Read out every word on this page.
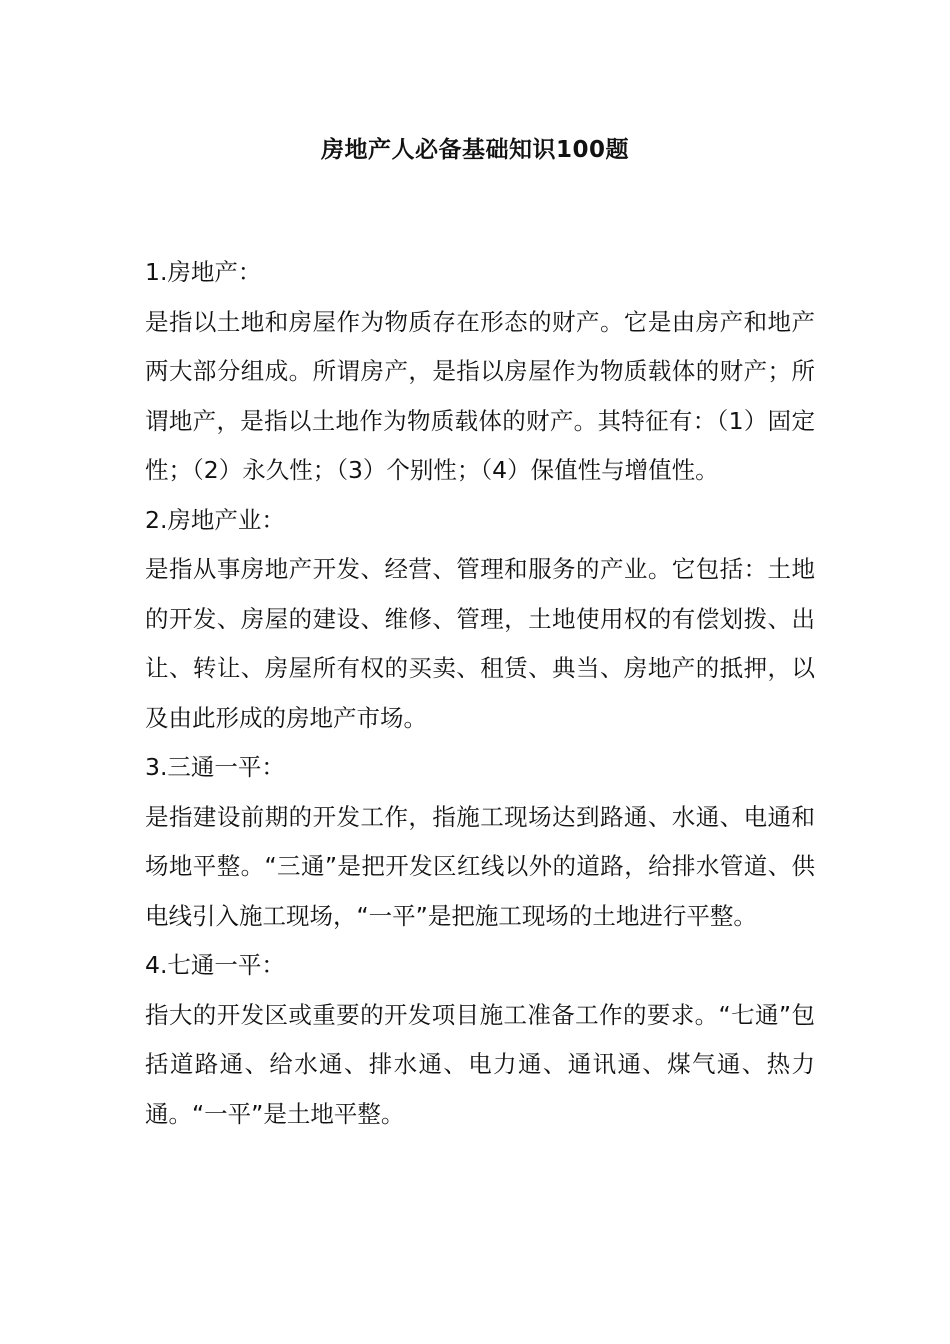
房地产人必备基础知识100题
1.房地产：

是指以土地和房屋作为物质存在形态的财产。它是由房产和地产两大部分组成。所谓房产，是指以房屋作为物质载体的财产；所谓地产，是指以土地作为物质载体的财产。其特征有：（1）固定性；（2）永久性；（3）个别性；（4）保值性与增值性。

2.房地产业：

是指从事房地产开发、经营、管理和服务的产业。它包括：土地的开发、房屋的建设、维修、管理，土地使用权的有偿划拨、出让、转让、房屋所有权的买卖、租赁、典当、房地产的抵押，以及由此形成的房地产市场。

3.三通一平：

是指建设前期的开发工作，指施工现场达到路通、水通、电通和场地平整。“三通”是把开发区红线以外的道路，给排水管道、供电线引入施工现场，“一平”是把施工现场的土地进行平整。

4.七通一平：

指大的开发区或重要的开发项目施工准备工作的要求。“七通”包括道路通、给水通、排水通、电力通、通讯通、煤气通、热力通。“一平”是土地平整。
